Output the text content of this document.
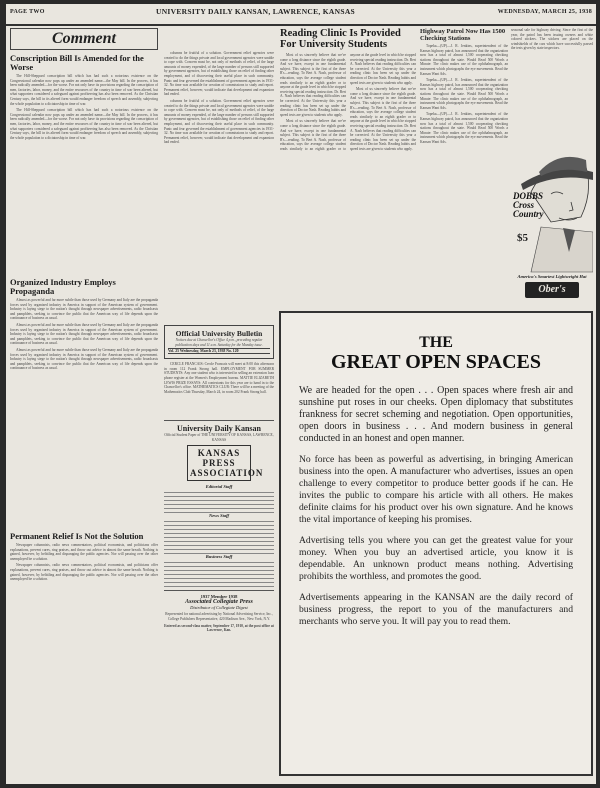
PAGE TWO	UNIVERSITY DAILY KANSAN, LAWRENCE, KANSAS	WEDNESDAY, MARCH 25, 1938
Comment
Conscription Bill Is Amended for the Worse

The Hill-Sheppard conscription bill which has had such a notorious existence on the Congressional calendar now pops up under an amended name—the May bill. In the process, it has been radically amended—for the worse. For not only have its provisions regarding the conscription of men, factories, labor, money, and the entire resources of the country in time of war been altered, but what supporters considered a safeguard against profiteering has also been removed. As the Christian Century says, the bill in its altered form would endanger freedom of speech and assembly, subjecting the whole population to a dictatorship in time of war.

The Hill-Sheppard conscription bill which has had such a notorious existence on the Congressional calendar now pops up under an amended name—the May bill. In the process, it has been radically amended—for the worse. For not only have its provisions regarding the conscription of men, factories, labor, money, and the entire resources of the country in time of war been altered, but what supporters considered a safeguard against profiteering has also been removed. As the Christian Century says, the bill in its altered form would endanger freedom of speech and assembly, subjecting the whole population to a dictatorship in time of war.

Organized Industry Employs Propaganda

Almost as powerful and far more subtle than those used by Germany and Italy are the propaganda forces used by organized industry in America in support of the American system of government. Industry is laying siege to the nation's thought through newspaper advertisements, radio broadcasts and pamphlets, seeking to convince the public that the American way of life depends upon the continuance of business as usual.

Almost as powerful and far more subtle than those used by Germany and Italy are the propaganda forces used by organized industry in America in support of the American system of government. Industry is laying siege to the nation's thought through newspaper advertisements, radio broadcasts and pamphlets, seeking to convince the public that the American way of life depends upon the continuance of business as usual.

Almost as powerful and far more subtle than those used by Germany and Italy are the propaganda forces used by organized industry in America in support of the American system of government. Industry is laying siege to the nation's thought through newspaper advertisements, radio broadcasts and pamphlets, seeking to convince the public that the American way of life depends upon the continuance of business as usual.

Permanent Relief Is Not the Solution

Newspaper columnists, radio news commentators, political economists, and politicians offer explanations, prevent cures, ring praises, and throw out advice in almost the same breath. Nothing is gained, however, by belittling and disparaging the public agencies. Nor will passing over the other unemployed be a solution.

Newspaper columnists, radio news commentators, political economists, and politicians offer explanations, prevent cures, ring praises, and throw out advice in almost the same breath. Nothing is gained, however, by belittling and disparaging the public agencies. Nor will passing over the other unemployed be a solution.

columns be fruitful of a solution. Government relief agencies were created to do the things private and local government agencies were unable to cope with. Concern must be, not only of methods of relief, of the large amounts of money expended, of the large number of persons still supported by government agencies, but of establishing those on relief of finding other employment, and of discovering their useful place in such community. Panic and fear governed the establishment of government agencies in 1931-32. No time was available for creation of commissions to study and report. Permanent relief, however, would indicate that development and expansion had ended.

columns be fruitful of a solution. Government relief agencies were created to do the things private and local government agencies were unable to cope with. Concern must be, not only of methods of relief, of the large amounts of money expended, of the large number of persons still supported by government agencies, but of establishing those on relief of finding other employment, and of discovering their useful place in such community. Panic and fear governed the establishment of government agencies in 1931-32. No time was available for creation of commissions to study and report. Permanent relief, however, would indicate that development and expansion had ended.

Official University Bulletin
Notices due at Chancellor's Office 4 p.m., preceding regular publication days and 11 a.m. Saturday for the Monday issue.
Vol. 25 Wednesday, March 23, 1938 No. 120

CERCLE FRANCAIS: Cercle Francais will meet at 8:00 this afternoon in room 112 Frank Strong hall. EMPLOYMENT FOR SUMMER STUDENTS: Any one student who is interested in selling an extension loan phone register at the Women's Employment bureau. MATTIE ELIZABETH LEWIS PRIZE ESSAYS: All contestants for this year are to hand in to the Chancellor's office. MATHEMATICS CLUB: There will be a meeting of the Mathematics Club Thursday, March 24, in room 202 Frank Strong hall.

University Daily Kansan
Official Student Paper of THE UNIVERSITY OF KANSAS, LAWRENCE, KANSAS
KANSAS PRESS ASSOCIATION
Editorial Staff
News Staff
Business Staff
1937 Member 1938
Associated Collegiate Press
Distributor of Collegiate Digest
Represented for national advertising by National Advertising Service, Inc., College Publishers Representative, 420 Madison Ave., New York, N.Y.
Entered as second-class matter, September 17, 1910, at the post office at Lawrence, Kan.
Reading Clinic Is Provided For University Students

Most of us sincerely believe that we've come a long distance since the eighth grade. And we have, except in one fundamental subject. This subject is the first of the three R's—reading. To Bert A. Nash, professor of education, says the average college student reads similarly to an eighth grader or to anyone at the grade level in which he stopped receiving special reading instruction. Dr. Bert A. Nash believes that reading difficulties can be corrected. At the University this year a reading clinic has been set up under the direction of Doctor Nash. Reading habits and speed tests are given to students who apply.

Most of us sincerely believe that we've come a long distance since the eighth grade. And we have, except in one fundamental subject. This subject is the first of the three R's—reading. To Bert A. Nash, professor of education, says the average college student reads similarly to an eighth grader or to anyone at the grade level in which he stopped receiving special reading instruction. Dr. Bert A. Nash believes that reading difficulties can be corrected. At the University this year a reading clinic has been set up under the direction of Doctor Nash. Reading habits and speed tests are given to students who apply.

Most of us sincerely believe that we've come a long distance since the eighth grade. And we have, except in one fundamental subject. This subject is the first of the three R's—reading. To Bert A. Nash, professor of education, says the average college student reads similarly to an eighth grader or to anyone at the grade level in which he stopped receiving special reading instruction. Dr. Bert A. Nash believes that reading difficulties can be corrected. At the University this year a reading clinic has been set up under the direction of Doctor Nash. Reading habits and speed tests are given to students who apply.

Highway Patrol Now Has 1500 Checking Stations

Topeka—(UP)—J. R. Jenkins, superintendent of the Kansas highway patrol, has announced that the organization now has a total of almost 1,500 cooperating checking stations throughout the state. Would Read 500 Words a Minute: The clinic makes use of the ophthalmograph, an instrument which photographs the eye movements. Read the Kansan Want Ads.

Topeka—(UP)—J. R. Jenkins, superintendent of the Kansas highway patrol, has announced that the organization now has a total of almost 1,500 cooperating checking stations throughout the state. Would Read 500 Words a Minute: The clinic makes use of the ophthalmograph, an instrument which photographs the eye movements. Read the Kansan Want Ads.

Topeka—(UP)—J. R. Jenkins, superintendent of the Kansas highway patrol, has announced that the organization now has a total of almost 1,500 cooperating checking stations throughout the state. Would Read 500 Words a Minute: The clinic makes use of the ophthalmograph, an instrument which photographs the eye movements. Read the Kansan Want Ads.

seasonal sale for highway driving. Since the first of the year, the patrol has been issuing owners and white colored stickers. The stickers are placed on the windshields of the cars which have successfully passed the tests given by state inspectors.
DOBBS
Cross
Country
$5
America's Smartest Lightweight Hat
Ober's
THE
GREAT OPEN SPACES

We are headed for the open . . . Open spaces where fresh air and sunshine put roses in our cheeks. Open diplomacy that substitutes frankness for secret scheming and negotiation. Open opportunities, open doors in business . . . And modern business in general conducted in an honest and open manner.

No force has been as powerful as advertising, in bringing American business into the open. A manufacturer who advertises, issues an open challenge to every competitor to produce better goods if he can. He invites the public to compare his article with all others. He makes definite claims for his product over his own signature. And he knows the vital importance of keeping his promises.

Advertising tells you where you can get the greatest value for your money. When you buy an advertised article, you know it is dependable. An unknown product means nothing. Advertising prohibits the worthless, and promotes the good.

Advertisements appearing in the KANSAN are the daily record of business progress, the report to you of the manufacturers and merchants who serve you. It will pay you to read them.
